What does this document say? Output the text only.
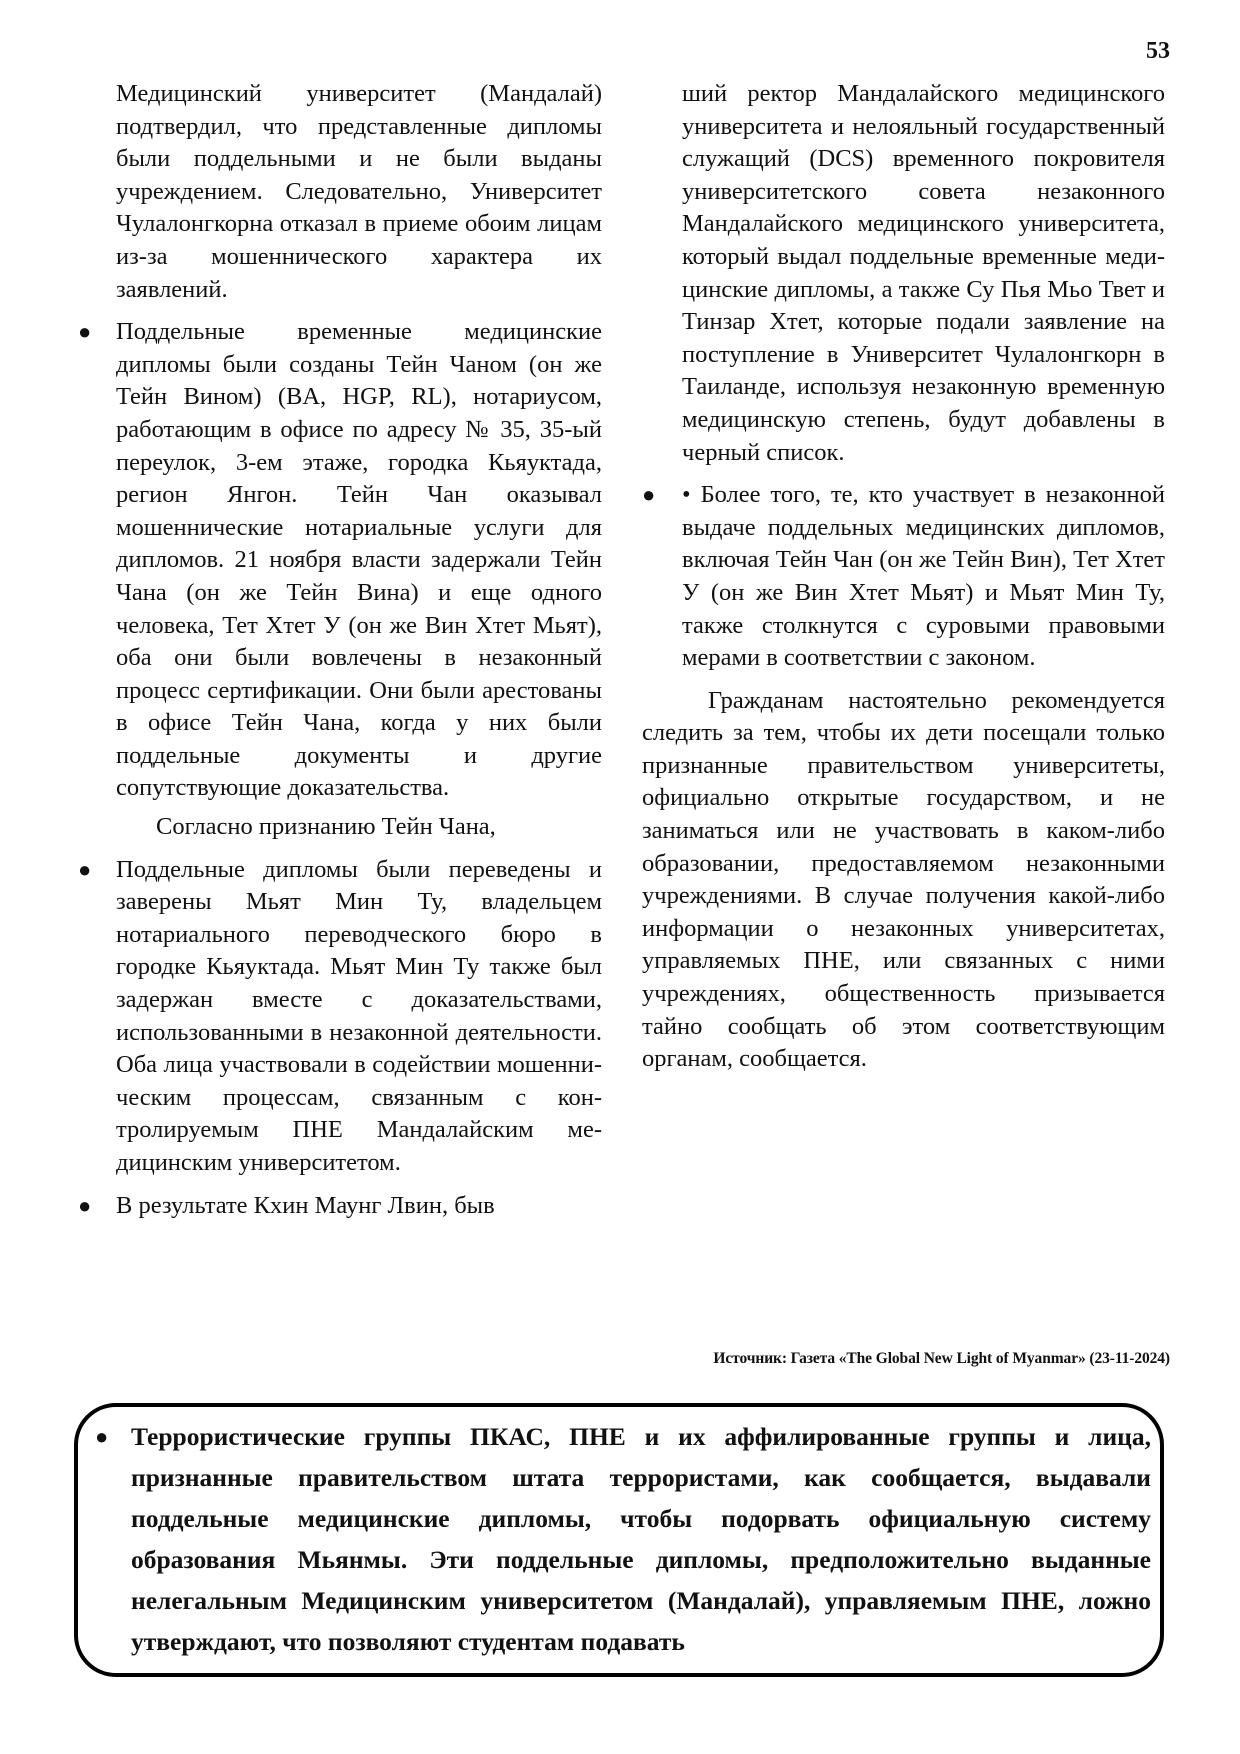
53

Медицинский университет (Мандалай) подтвердил, что представленные дипломы были поддельными и не были выданы учреждением. Следовательно, Университет Чулалонгкорна отказал в приеме обоим лицам из-за мошеннического характера их заявлений.

● Поддельные временные медицинские дипломы были созданы Тейн Чаном (он же Тейн Вином) (BA, HGP, RL), нотариусом, работающим в офисе по адресу № 35, 35-ый переулок, 3-ем этаже, городка Кьяуктада, регион Янгон. Тейн Чан оказывал мошеннические нотариальные услуги для дипломов. 21 ноября власти задержали Тейн Чана (он же Тейн Вина) и еще одного человека, Тет Хтет У (он же Вин Хтет Мьят), оба они были вовлечены в незаконный процесс сертификации. Они были арестованы в офисе Тейн Чана, когда у них были поддельные документы и другие сопутствующие доказательства.

Согласно признанию Тейн Чана,

● Поддельные дипломы были переведены и заверены Мьят Мин Ту, владельцем нотариального переводческого бюро в городке Кьяуктада. Мьят Мин Ту также был задержан вместе с доказательствами, использованными в незаконной деятельности. Оба лица участвовали в содействии мошенническим процессам, связанным с контролируемым ПНЕ Мандалайским медицинским университетом.

● В результате Кхин Маунг Лвин, быв

ший ректор Мандалайского медицинского университета и нелояльный государственный служащий (DCS) временного покровителя университетского совета незаконного Мандалайского медицинского университета, который выдал поддельные временные медицинские дипломы, а также Су Пья Мьо Твет и Тинзар Хтет, которые подали заявление на поступление в Университет Чулалонгкорн в Таиланде, используя незаконную временную медицинскую степень, будут добавлены в черный список.

● • Более того, те, кто участвует в незаконной выдаче поддельных медицинских дипломов, включая Тейн Чан (он же Тейн Вин), Тет Хтет У (он же Вин Хтет Мьят) и Мьят Мин Ту, также столкнутся с суровыми правовыми мерами в соответствии с законом.

Гражданам настоятельно рекомендуется следить за тем, чтобы их дети посещали только признанные правительством университеты, официально открытые государством, и не заниматься или не участвовать в каком-либо образовании, предоставляемом незаконными учреждениями. В случае получения какой-либо информации о незаконных университетах, управляемых ПНЕ, или связанных с ними учреждениях, общественность призывается тайно сообщать об этом соответствующим органам, сообщается.

Источник: Газета «The Global New Light of Myanmar» (23-11-2024)
● Террористические группы ПКАС, ПНЕ и их аффилированные группы и лица, признанные правительством штата террористами, как сообщается, выдавали поддельные медицинские дипломы, чтобы подорвать официальную систему образования Мьянмы. Эти поддельные дипломы, предположительно выданные нелегальным Медицинским университетом (Мандалай), управляемым ПНЕ, ложно утверждают, что позволяют студентам подавать
